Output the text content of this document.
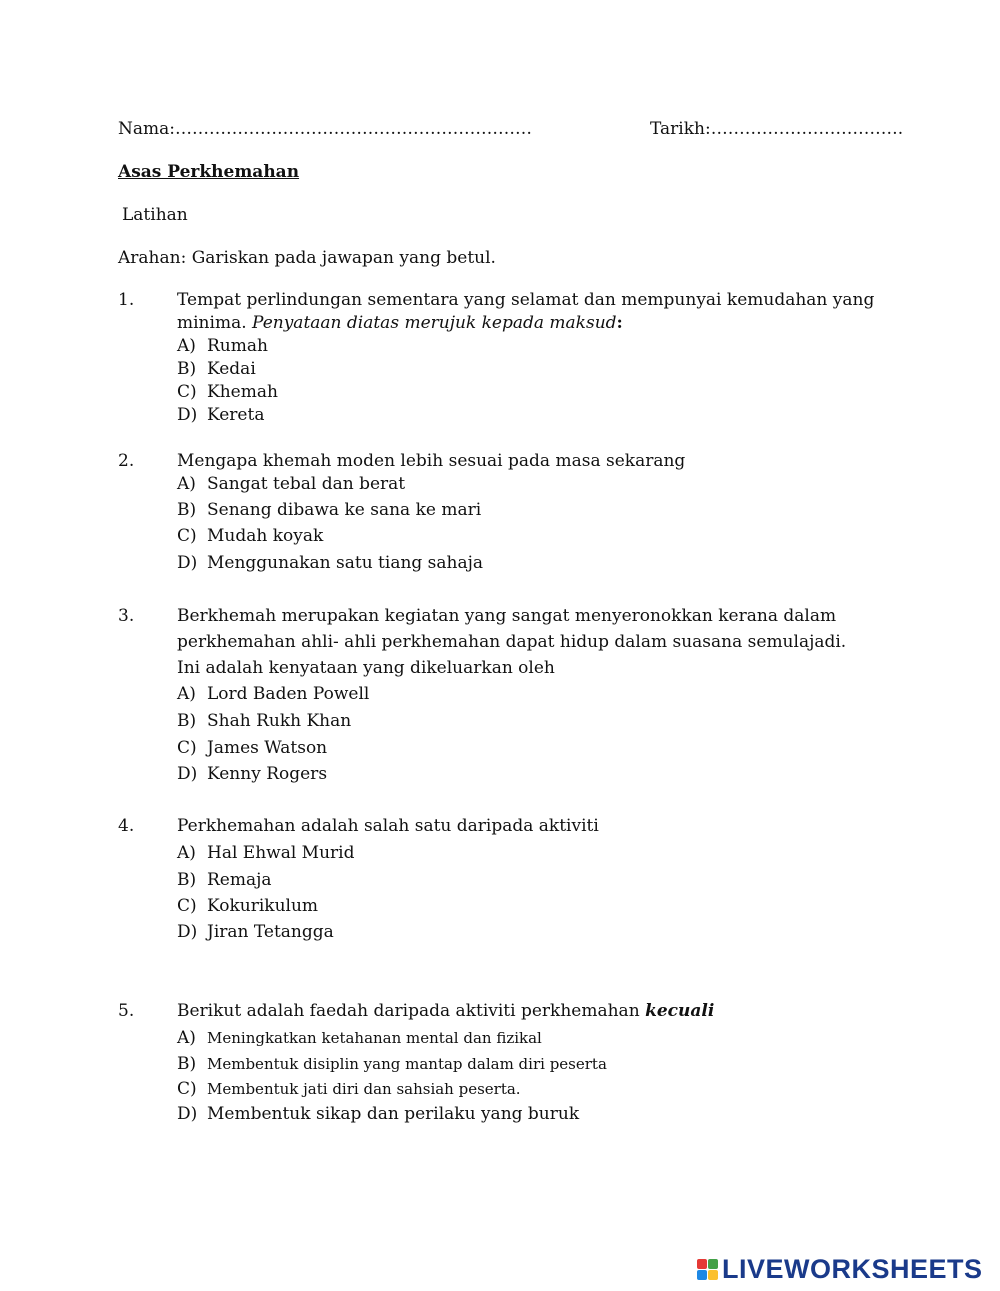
Nama:………………………………………………………	Tarikh:…………………………….
Asas Perkhemahan
Latihan
Arahan: Gariskan pada jawapan yang betul.
1.	Tempat perlindungan sementara yang selamat dan mempunyai kemudahan yang
minima. Penyataan diatas merujuk kepada maksud:
A) Rumah
B) Kedai
C) Khemah
D) Kereta
2.	Mengapa khemah moden lebih sesuai pada masa sekarang
A) Sangat tebal dan berat
B) Senang dibawa ke sana ke mari
C) Mudah koyak
D) Menggunakan satu tiang sahaja
3.	Berkhemah merupakan kegiatan yang sangat menyeronokkan kerana dalam
perkhemahan ahli- ahli perkhemahan dapat hidup dalam suasana semulajadi.
Ini adalah kenyataan yang dikeluarkan oleh
A) Lord Baden Powell
B) Shah Rukh Khan
C) James Watson
D) Kenny Rogers
4.	Perkhemahan adalah salah satu daripada aktiviti
A) Hal Ehwal Murid
B) Remaja
C) Kokurikulum
D) Jiran Tetangga
5.	Berikut adalah faedah daripada aktiviti perkhemahan kecuali
A) Meningkatkan ketahanan mental dan fizikal
B) Membentuk disiplin yang mantap dalam diri peserta
C) Membentuk jati diri dan sahsiah peserta.
D) Membentuk sikap dan perilaku yang buruk
LIVEWORKSHEETS
